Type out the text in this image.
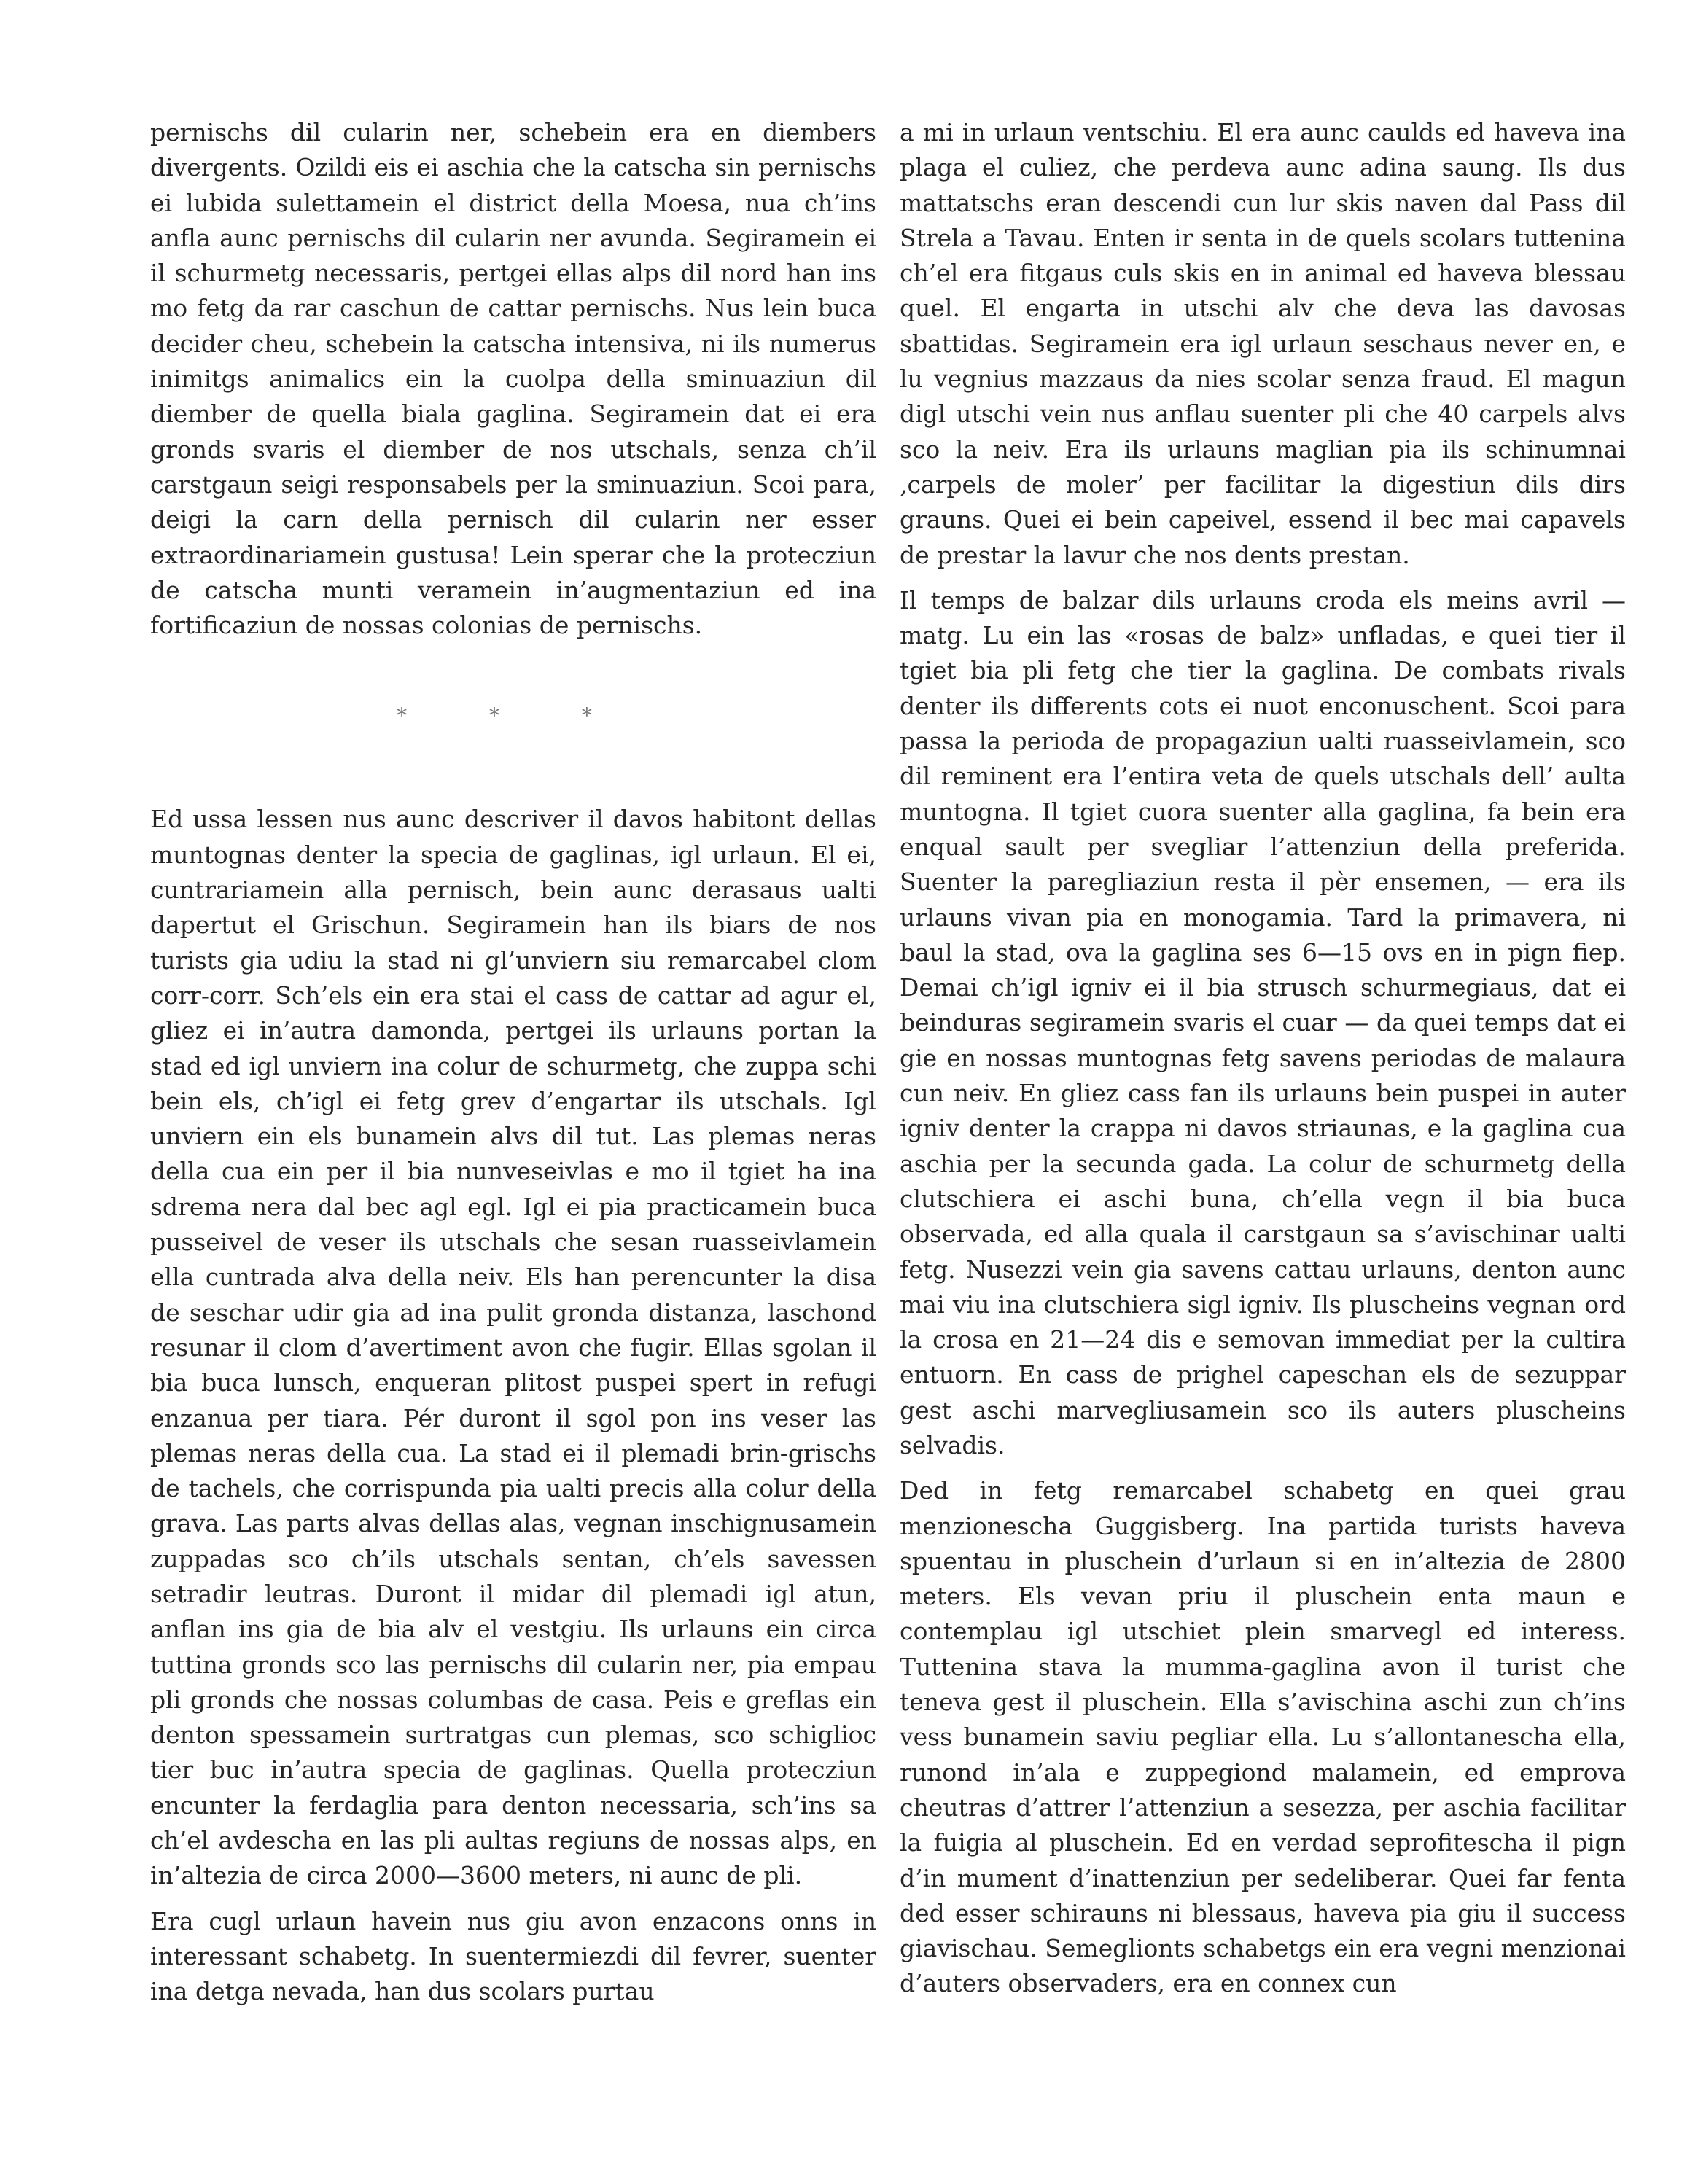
pernischs dil cularin ner, schebein era en diembers divergents. Ozildi eis ei aschia che la catscha sin pernischs ei lubida sulettamein el district della Moesa, nua ch’ins anfla aunc pernischs dil cularin ner avunda. Segiramein ei il schurmetg necessaris, pertgei ellas alps dil nord han ins mo fetg da rar caschun de cattar pernischs. Nus lein buca decider cheu, schebein la catscha intensiva, ni ils numerus inimitgs animalics ein la cuolpa della sminuaziun dil diember de quella biala gaglina. Segiramein dat ei era gronds svaris el diember de nos utschals, senza ch’il carstgaun seigi responsabels per la sminuaziun. Scoi para, deigi la carn della pernisch dil cularin ner esser extraordinariamein gustusa! Lein sperar che la protecziun de catscha munti veramein in’augmentaziun ed ina fortificaziun de nossas colonias de pernischs.

* * *

Ed ussa lessen nus aunc descriver il davos habitont dellas muntognas denter la specia de gaglinas, igl urlaun. El ei, cuntrariamein alla pernisch, bein aunc derasaus ualti dapertut el Grischun. Segiramein han ils biars de nos turists gia udiu la stad ni gl’unviern siu remarcabel clom corr-corr. Sch’els ein era stai el cass de cattar ad agur el, gliez ei in’autra damonda, pertgei ils urlauns portan la stad ed igl unviern ina colur de schurmetg, che zuppa schi bein els, ch’igl ei fetg grev d’engartar ils utschals. Igl unviern ein els bunamein alvs dil tut. Las plemas neras della cua ein per il bia nunveseivlas e mo il tgiet ha ina sdrema nera dal bec agl egl. Igl ei pia practicamein buca pusseivel de veser ils utschals che sesan ruasseivlamein ella cuntrada alva della neiv. Els han perencunter la disa de seschar udir gia ad ina pulit gronda distanza, laschond resunar il clom d’avertiment avon che fugir. Ellas sgolan il bia buca lunsch, enqueran plitost puspei spert in refugi enzanua per tiara. Pér duront il sgol pon ins veser las plemas neras della cua. La stad ei il plemadi brin-grischs de tachels, che corrispunda pia ualti precis alla colur della grava. Las parts alvas dellas alas, vegnan inschignusamein zuppadas sco ch’ils utschals sentan, ch’els savessen setradir leutras. Duront il midar dil plemadi igl atun, anflan ins gia de bia alv el vestgiu. Ils urlauns ein circa tuttina gronds sco las pernischs dil cularin ner, pia empau pli gronds che nossas columbas de casa. Peis e greflas ein denton spessamein surtratgas cun plemas, sco schiglioc tier buc in’autra specia de gaglinas. Quella protecziun encunter la ferdaglia para denton necessaria, sch’ins sa ch’el avdescha en las pli aultas regiuns de nossas alps, en in’altezia de circa 2000—3600 meters, ni aunc de pli.

Era cugl urlaun havein nus giu avon enzacons onns in interessant schabetg. In suentermiezdi dil fevrer, suenter ina detga nevada, han dus scolars purtau

a mi in urlaun ventschiu. El era aunc caulds ed haveva ina plaga el culiez, che perdeva aunc adina saung. Ils dus mattatschs eran descendi cun lur skis naven dal Pass dil Strela a Tavau. Enten ir senta in de quels scolars tuttenina ch’el era fitgaus culs skis en in animal ed haveva blessau quel. El engarta in utschi alv che deva las davosas sbattidas. Segiramein era igl urlaun seschaus never en, e lu vegnius mazzaus da nies scolar senza fraud. El magun digl utschi vein nus anflau suenter pli che 40 carpels alvs sco la neiv. Era ils urlauns maglian pia ils schinumnai ‚carpels de moler’ per facilitar la digestiun dils dirs grauns. Quei ei bein capeivel, essend il bec mai capavels de prestar la lavur che nos dents prestan.

Il temps de balzar dils urlauns croda els meins avril — matg. Lu ein las «rosas de balz» unfladas, e quei tier il tgiet bia pli fetg che tier la gaglina. De combats rivals denter ils differents cots ei nuot enconuschent. Scoi para passa la perioda de propagaziun ualti ruasseivlamein, sco dil reminent era l’entira veta de quels utschals dell’ aulta muntogna. Il tgiet cuora suenter alla gaglina, fa bein era enqual sault per svegliar l’attenziun della preferida. Suenter la paregliaziun resta il pèr ensemen, — era ils urlauns vivan pia en monogamia. Tard la primavera, ni baul la stad, ova la gaglina ses 6—15 ovs en in pign fiep. Demai ch’igl igniv ei il bia strusch schurmegiaus, dat ei beinduras segiramein svaris el cuar — da quei temps dat ei gie en nossas muntognas fetg savens periodas de malaura cun neiv. En gliez cass fan ils urlauns bein puspei in auter igniv denter la crappa ni davos striaunas, e la gaglina cua aschia per la secunda gada. La colur de schurmetg della clutschiera ei aschi buna, ch’ella vegn il bia buca observada, ed alla quala il carstgaun sa s’avischinar ualti fetg. Nusezzi vein gia savens cattau urlauns, denton aunc mai viu ina clutschiera sigl igniv. Ils pluscheins vegnan ord la crosa en 21—24 dis e semovan immediat per la cultira entuorn. En cass de prighel capeschan els de sezuppar gest aschi marvegliusamein sco ils auters pluscheins selvadis.

Ded in fetg remarcabel schabetg en quei grau menzionescha Guggisberg. Ina partida turists haveva spuentau in pluschein d’urlaun si en in’altezia de 2800 meters. Els vevan priu il pluschein enta maun e contemplau igl utschiet plein smarvegl ed interess. Tuttenina stava la mumma-gaglina avon il turist che teneva gest il pluschein. Ella s’avischina aschi zun ch’ins vess bunamein saviu pegliar ella. Lu s’allontanescha ella, runond in’ala e zuppegiond malamein, ed emprova cheutras d’attrer l’attenziun a sesezza, per aschia facilitar la fuigia al pluschein. Ed en verdad seprofitescha il pign d’in mument d’inattenziun per sedeliberar. Quei far fenta ded esser schirauns ni blessaus, haveva pia giu il success giavischau. Semeglionts schabetgs ein era vegni menzionai d’auters observaders, era en connex cun
